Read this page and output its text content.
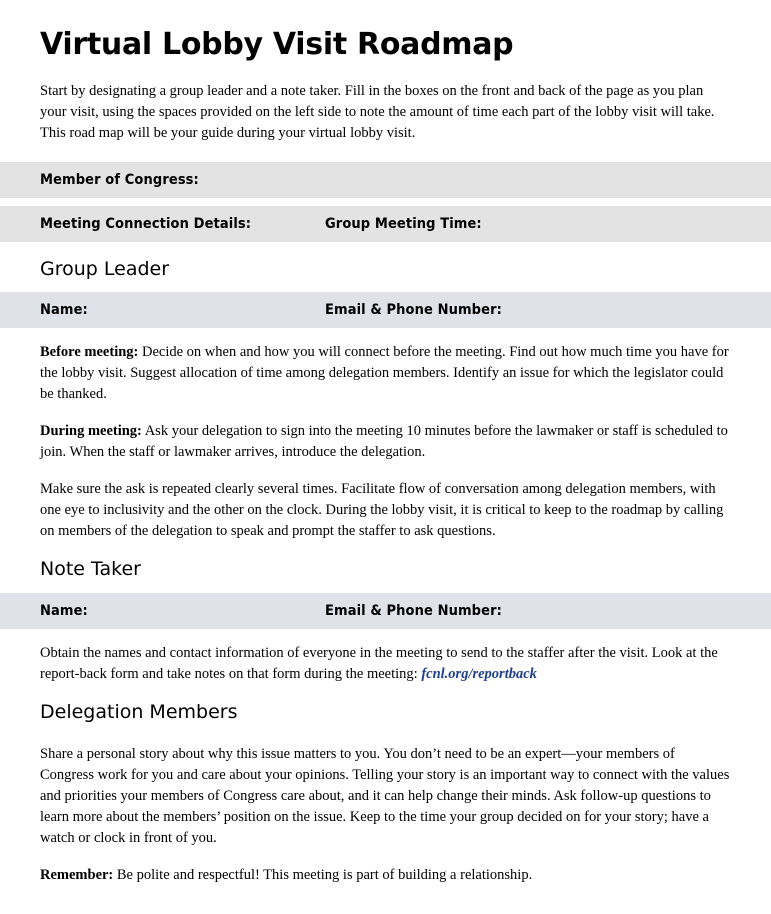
Virtual Lobby Visit Roadmap

Start by designating a group leader and a note taker. Fill in the boxes on the front and back of the page as you plan your visit, using the spaces provided on the left side to note the amount of time each part of the lobby visit will take. This road map will be your guide during your virtual lobby visit.

Member of Congress:
Meeting Connection Details:	Group Meeting Time:
Group Leader
Name:	Email & Phone Number:

Before meeting: Decide on when and how you will connect before the meeting. Find out how much time you have for the lobby visit. Suggest allocation of time among delegation members. Identify an issue for which the legislator could be thanked.

During meeting: Ask your delegation to sign into the meeting 10 minutes before the lawmaker or staff is scheduled to join. When the staff or lawmaker arrives, introduce the delegation.

Make sure the ask is repeated clearly several times. Facilitate flow of conversation among delegation members, with one eye to inclusivity and the other on the clock. During the lobby visit, it is critical to keep to the roadmap by calling on members of the delegation to speak and prompt the staffer to ask questions.

Note Taker
Name:	Email & Phone Number:

Obtain the names and contact information of everyone in the meeting to send to the staffer after the visit. Look at the report-back form and take notes on that form during the meeting: fcnl.org/reportback

Delegation Members

Share a personal story about why this issue matters to you. You don’t need to be an expert—your members of Congress work for you and care about your opinions. Telling your story is an important way to connect with the values and priorities your members of Congress care about, and it can help change their minds. Ask follow-up questions to learn more about the members’ position on the issue. Keep to the time your group decided on for your story; have a watch or clock in front of you.

Remember: Be polite and respectful! This meeting is part of building a relationship.
